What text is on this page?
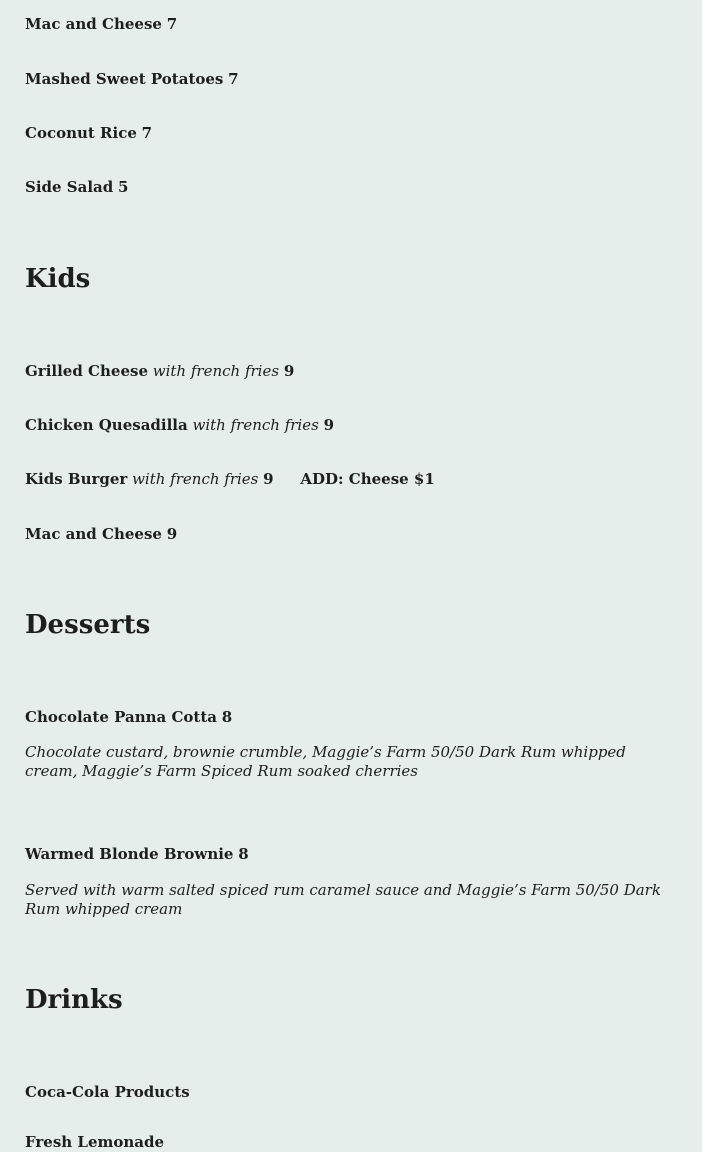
Mac and Cheese 7
Mashed Sweet Potatoes 7
Coconut Rice 7
Side Salad 5
Kids
Grilled Cheese with french fries 9
Chicken Quesadilla with french fries 9
Kids Burger with french fries 9 ADD: Cheese $1
Mac and Cheese 9
Desserts
Chocolate Panna Cotta 8
Chocolate custard, brownie crumble, Maggie’s Farm 50/50 Dark Rum whipped cream, Maggie’s Farm Spiced Rum soaked cherries
Warmed Blonde Brownie 8
Served with warm salted spiced rum caramel sauce and Maggie’s Farm 50/50 Dark Rum whipped cream
Drinks
Coca-Cola Products
Fresh Lemonade
